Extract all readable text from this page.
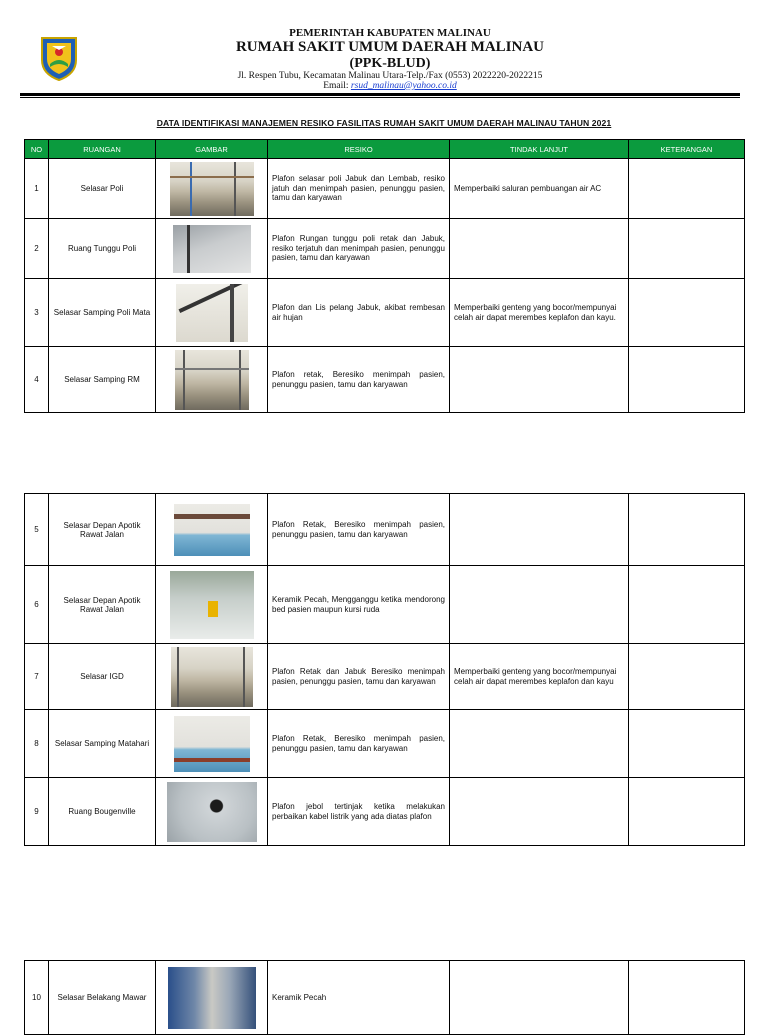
PEMERINTAH KABUPATEN MALINAU
RUMAH SAKIT UMUM DAERAH MALINAU
(PPK-BLUD)
Jl. Respen Tubu, Kecamatan Malinau Utara-Telp./Fax (0553) 2022220-2022215
Email: rsud_malinau@yahoo.co.id
DATA IDENTIFIKASI MANAJEMEN RESIKO FASILITAS RUMAH SAKIT UMUM DAERAH MALINAU TAHUN 2021
NO	RUANGAN	GAMBAR	RESIKO	TINDAK LANJUT	KETERANGAN
1	Selasar Poli		Plafon selasar poli Jabuk dan Lembab, resiko jatuh dan menimpah pasien, penunggu pasien, tamu dan karyawan	Memperbaiki saluran pembuangan air AC	
2	Ruang Tunggu Poli		Plafon Rungan tunggu poli retak dan Jabuk, resiko terjatuh dan menimpah pasien, penunggu pasien, tamu dan karyawan		
3	Selasar Samping Poli Mata		Plafon dan Lis pelang Jabuk, akibat rembesan air hujan	Memperbaiki genteng yang bocor/mempunyai celah air dapat merembes keplafon dan kayu.	
4	Selasar Samping RM		Plafon retak, Beresiko menimpah pasien, penunggu pasien, tamu dan karyawan		
5	Selasar Depan Apotik Rawat Jalan		Plafon Retak, Beresiko menimpah pasien, penunggu pasien, tamu dan karyawan		
6	Selasar Depan Apotik Rawat Jalan		Keramik Pecah, Mengganggu ketika mendorong bed pasien maupun kursi ruda		
7	Selasar IGD		Plafon Retak dan Jabuk Beresiko menimpah pasien, penunggu pasien, tamu dan karyawan	Memperbaiki genteng yang bocor/mempunyai celah air dapat merembes keplafon dan kayu	
8	Selasar Samping Matahari		Plafon Retak, Beresiko menimpah pasien, penunggu pasien, tamu dan karyawan		
9	Ruang Bougenville		Plafon jebol tertinjak ketika melakukan perbaikan kabel listrik yang ada diatas plafon		
10	Selasar Belakang Mawar		Keramik Pecah		
